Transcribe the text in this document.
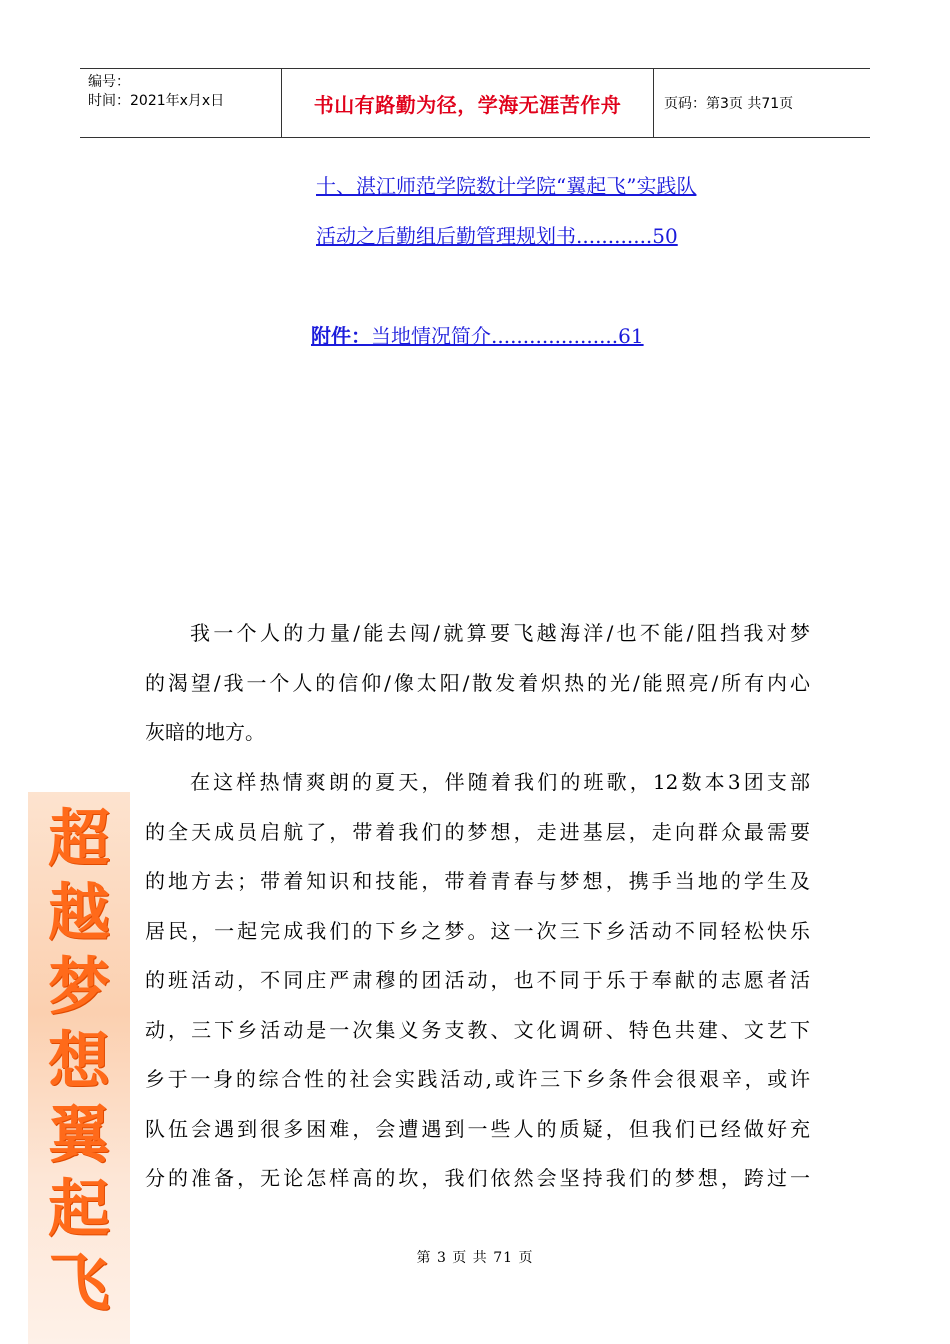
编号：
时间：2021年x月x日	书山有路勤为径，学海无涯苦作舟	页码：第3页 共71页
十、湛江师范学院数计学院“翼起飞”实践队
活动之后勤组后勤管理规划书............50
附件：当地情况简介....................61
我一个人的力量/能去闯/就算要飞越海洋/也不能/阻挡我对梦
的渴望/我一个人的信仰/像太阳/散发着炽热的光/能照亮/所有内心
灰暗的地方。
在这样热情爽朗的夏天，伴随着我们的班歌，12数本3团支部
的全天成员启航了，带着我们的梦想，走进基层，走向群众最需要
的地方去；带着知识和技能，带着青春与梦想，携手当地的学生及
居民，一起完成我们的下乡之梦。这一次三下乡活动不同轻松快乐
的班活动，不同庄严肃穆的团活动，也不同于乐于奉献的志愿者活
动，三下乡活动是一次集义务支教、文化调研、特色共建、文艺下
乡于一身的综合性的社会实践活动,或许三下乡条件会很艰辛，或许
队伍会遇到很多困难，会遭遇到一些人的质疑，但我们已经做好充
分的准备，无论怎样高的坎，我们依然会坚持我们的梦想，跨过一
超
越
梦
想
翼
起
飞	第 3 页 共 71 页
